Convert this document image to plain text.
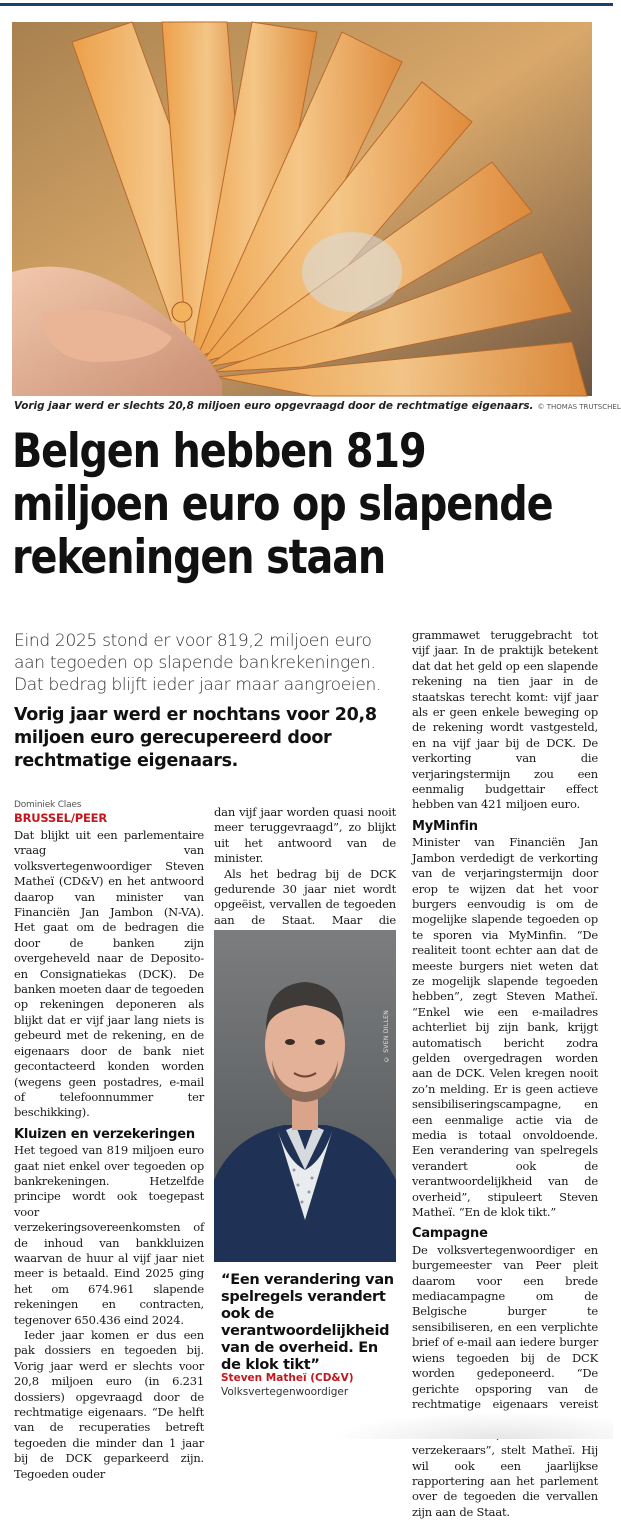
Vorig jaar werd er slechts 20,8 miljoen euro opgevraagd door de rechtmatige eigenaars. © THOMAS TRUTSCHEL
Belgen hebben 819 miljoen euro op slapende rekeningen staan

Eind 2025 stond er voor 819,2 miljoen euro aan tegoeden op slapende bankrekeningen. Dat bedrag blijft ieder jaar maar aangroeien.

Vorig jaar werd er nochtans voor 20,8 miljoen euro gerecupereerd door rechtmatige eigenaars.

Dominiek Claes
BRUSSEL/PEER

Dat blijkt uit een parlementaire vraag van volksvertegenwoordiger Steven Matheï (CD&V) en het antwoord daarop van minister van Financiën Jan Jambon (N-VA). Het gaat om de bedragen die door de banken zijn overgeheveld naar de Deposito- en Consignatiekas (DCK). De banken moeten daar de tegoeden op rekeningen deponeren als blijkt dat er vijf jaar lang niets is gebeurd met de rekening, en de eigenaars door de bank niet gecontacteerd konden worden (wegens geen postadres, e-mail of telefoonnummer ter beschikking).

Kluizen en verzekeringen

Het tegoed van 819 miljoen euro gaat niet enkel over tegoeden op bankrekeningen. Hetzelfde principe wordt ook toegepast voor verzekeringsovereenkomsten of de inhoud van bankkluizen waarvan de huur al vijf jaar niet meer is betaald. Eind 2025 ging het om 674.961 slapende rekeningen en contracten, tegenover 650.436 eind 2024.

Ieder jaar komen er dus een pak dossiers en tegoeden bij. Vorig jaar werd er slechts voor 20,8 miljoen euro (in 6.231 dossiers) opgevraagd door de rechtmatige eigenaars. “De helft van de recuperaties betreft tegoeden die minder dan 1 jaar bij de DCK geparkeerd zijn. Tegoeden ouder

dan vijf jaar worden quasi nooit meer teruggevraagd”, zo blijkt uit het antwoord van de minister.

Als het bedrag bij de DCK gedurende 30 jaar niet wordt opgeëist, vervallen de tegoeden aan de Staat. Maar die

© SVEN DILLEN
“Een verandering van spelregels verandert ook de verantwoordelijkheid van de overheid. En de klok tikt”
Steven Matheï (CD&V)
Volksvertegenwoordiger

grammawet teruggebracht tot vijf jaar. In de praktijk betekent dat dat het geld op een slapende rekening na tien jaar in de staatskas terecht komt: vijf jaar als er geen enkele beweging op de rekening wordt vastgesteld, en na vijf jaar bij de DCK. De verkorting van die verjaringstermijn zou een eenmalig budgettair effect hebben van 421 miljoen euro.

MyMinfin

Minister van Financiën Jan Jambon verdedigt de verkorting van de verjaringstermijn door erop te wijzen dat het voor burgers eenvoudig is om de mogelijke slapende tegoeden op te sporen via MyMinfin. “De realiteit toont echter aan dat de meeste burgers niet weten dat ze mogelijk slapende tegoeden hebben”, zegt Steven Matheï. “Enkel wie een e-mailadres achterliet bij zijn bank, krijgt automatisch bericht zodra gelden overgedragen worden aan de DCK. Velen kregen nooit zo’n melding. Er is geen actieve sensibiliseringscampagne, en een eenmalige actie via de media is totaal onvoldoende. Een verandering van spelregels verandert ook de verantwoordelijkheid van de overheid”, stipuleert Steven Matheï. “En de klok tikt.”

Campagne

De volksvertegenwoordiger en burgemeester van Peer pleit daarom voor een brede mediacampagne om de Belgische burger te sensibiliseren, en een verplichte brief of e-mail aan iedere burger wiens tegoeden bij de DCK worden gedeponeerd. “De gerichte opsporing van de rechtmatige eigenaars vereist verzekeraars”, stelt Matheï. Hij wil ook een jaarlijkse rapportering aan het parlement over de tegoeden die vervallen zijn aan de Staat.
